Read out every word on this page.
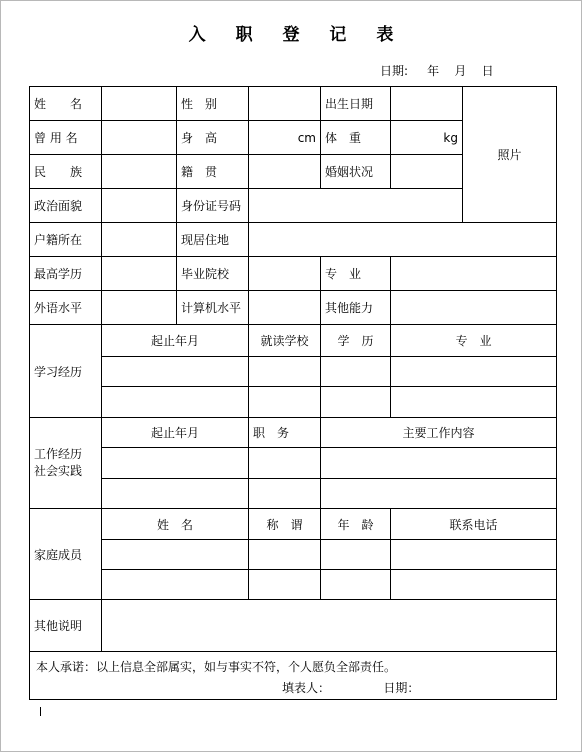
入 职 登 记 表
日期:     年    月    日
姓　　名		性　别		出生日期		照片
曾 用 名		身　高	cm	体　重	kg	
民　　族		籍　贯		婚姻状况		
政治面貌		身份证号码				
户籍所在		现居住地				
最高学历		毕业院校		专　业		
外语水平		计算机水平		其他能力		
学习经历	起止年月		就读学校	学　历	专　业	

工作经历
社会实践	起止年月		职　务	主要工作内容		

家庭成员	姓　名		称　谓	年　龄	联系电话	

其他说明						

本人承诺：以上信息全部属实，如与事实不符，个人愿负全部责任。
填表人：              日期：						
